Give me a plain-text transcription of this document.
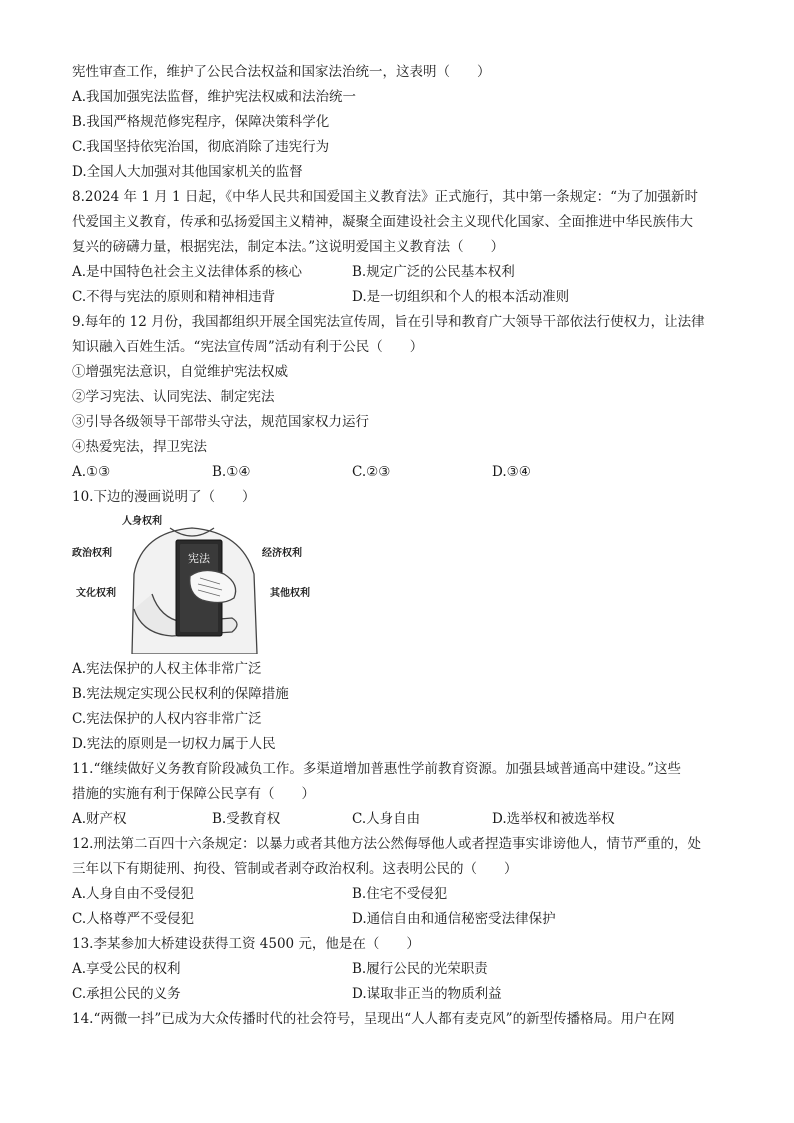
宪性审查工作，维护了公民合法权益和国家法治统一，这表明（　　）
A.我国加强宪法监督，维护宪法权威和法治统一
B.我国严格规范修宪程序，保障决策科学化
C.我国坚持依宪治国，彻底消除了违宪行为
D.全国人大加强对其他国家机关的监督
8.2024 年 1 月 1 日起，《中华人民共和国爱国主义教育法》正式施行，其中第一条规定：“为了加强新时
代爱国主义教育，传承和弘扬爱国主义精神，凝聚全面建设社会主义现代化国家、全面推进中华民族伟大
复兴的磅礴力量，根据宪法，制定本法。”这说明爱国主义教育法（　　）
A.是中国特色社会主义法律体系的核心	B.规定广泛的公民基本权利
C.不得与宪法的原则和精神相违背	D.是一切组织和个人的根本活动准则
9.每年的 12 月份，我国都组织开展全国宪法宣传周，旨在引导和教育广大领导干部依法行使权力，让法律
知识融入百姓生活。“宪法宣传周”活动有利于公民（　　）
①增强宪法意识，自觉维护宪法权威
②学习宪法、认同宪法、制定宪法
③引导各级领导干部带头守法，规范国家权力运行
④热爱宪法，捍卫宪法
A.①③	B.①④	C.②③	D.③④
10.下边的漫画说明了（　　）
宪法
人身权利
政治权利
文化权利
经济权利
其他权利
A.宪法保护的人权主体非常广泛
B.宪法规定实现公民权利的保障措施
C.宪法保护的人权内容非常广泛
D.宪法的原则是一切权力属于人民
11.“继续做好义务教育阶段减负工作。多渠道增加普惠性学前教育资源。加强县域普通高中建设。”这些
措施的实施有利于保障公民享有（　　）
A.财产权	B.受教育权	C.人身自由	D.选举权和被选举权
12.刑法第二百四十六条规定：以暴力或者其他方法公然侮辱他人或者捏造事实诽谤他人，情节严重的，处
三年以下有期徒刑、拘役、管制或者剥夺政治权利。这表明公民的（　　）
A.人身自由不受侵犯	B.住宅不受侵犯
C.人格尊严不受侵犯	D.通信自由和通信秘密受法律保护
13.李某参加大桥建设获得工资 4500 元，他是在（　　）
A.享受公民的权利	B.履行公民的光荣职责
C.承担公民的义务	D.谋取非正当的物质利益
14.“两微一抖”已成为大众传播时代的社会符号，呈现出“人人都有麦克风”的新型传播格局。用户在网
